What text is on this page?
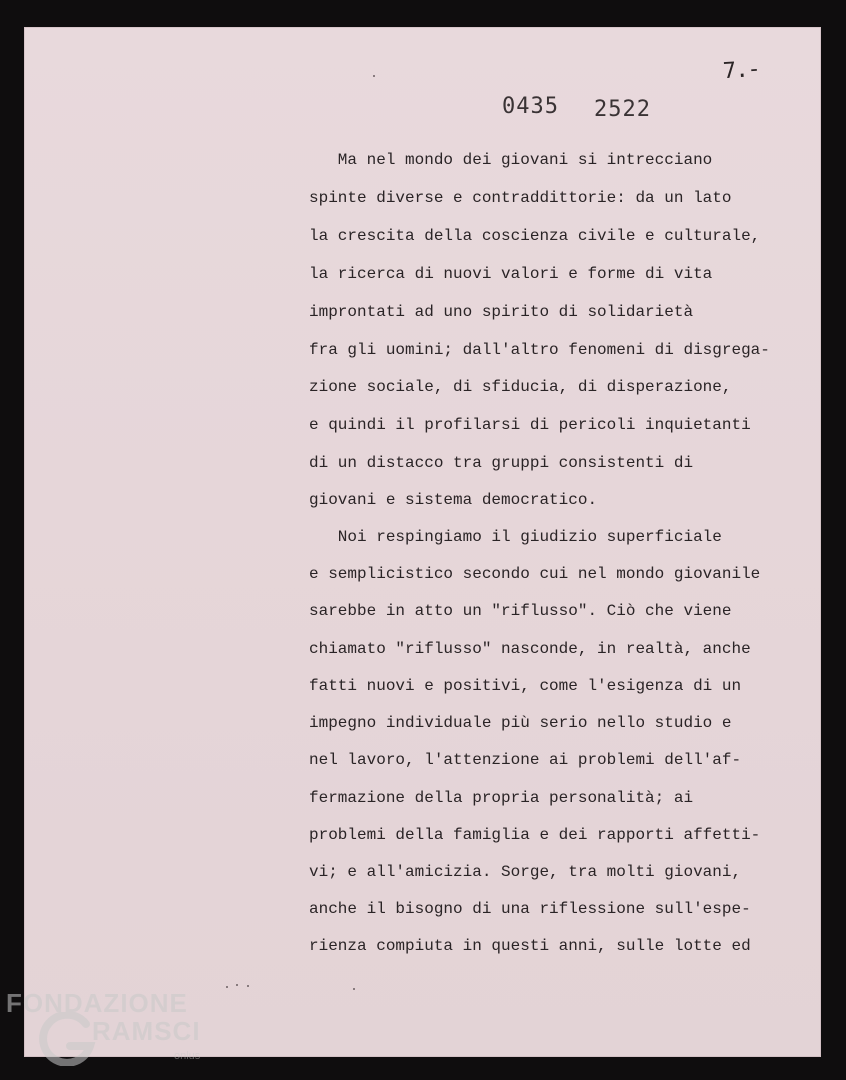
7.-
0435 2522

Ma nel mondo dei giovani si intrecciano

spinte diverse e contraddittorie: da un lato

la crescita della coscienza civile e culturale,

la ricerca di nuovi valori e forme di vita

improntati ad uno spirito di solidarietà

fra gli uomini; dall'altro fenomeni di disgrega-

zione sociale, di sfiducia, di disperazione,

e quindi il profilarsi di pericoli inquietanti

di un distacco tra gruppi consistenti di

giovani e sistema democratico.

Noi respingiamo il giudizio superficiale

e semplicistico secondo cui nel mondo giovanile

sarebbe in atto un "riflusso". Ciò che viene

chiamato "riflusso" nasconde, in realtà, anche

fatti nuovi e positivi, come l'esigenza di un

impegno individuale più serio nello studio e

nel lavoro, l'attenzione ai problemi dell'af-

fermazione della propria personalità; ai

problemi della famiglia e dei rapporti affetti-

vi; e all'amicizia. Sorge, tra molti giovani,

anche il bisogno di una riflessione sull'espe-

rienza compiuta in questi anni, sulle lotte ed

FONDAZIONE
RAMSCI
onlus
